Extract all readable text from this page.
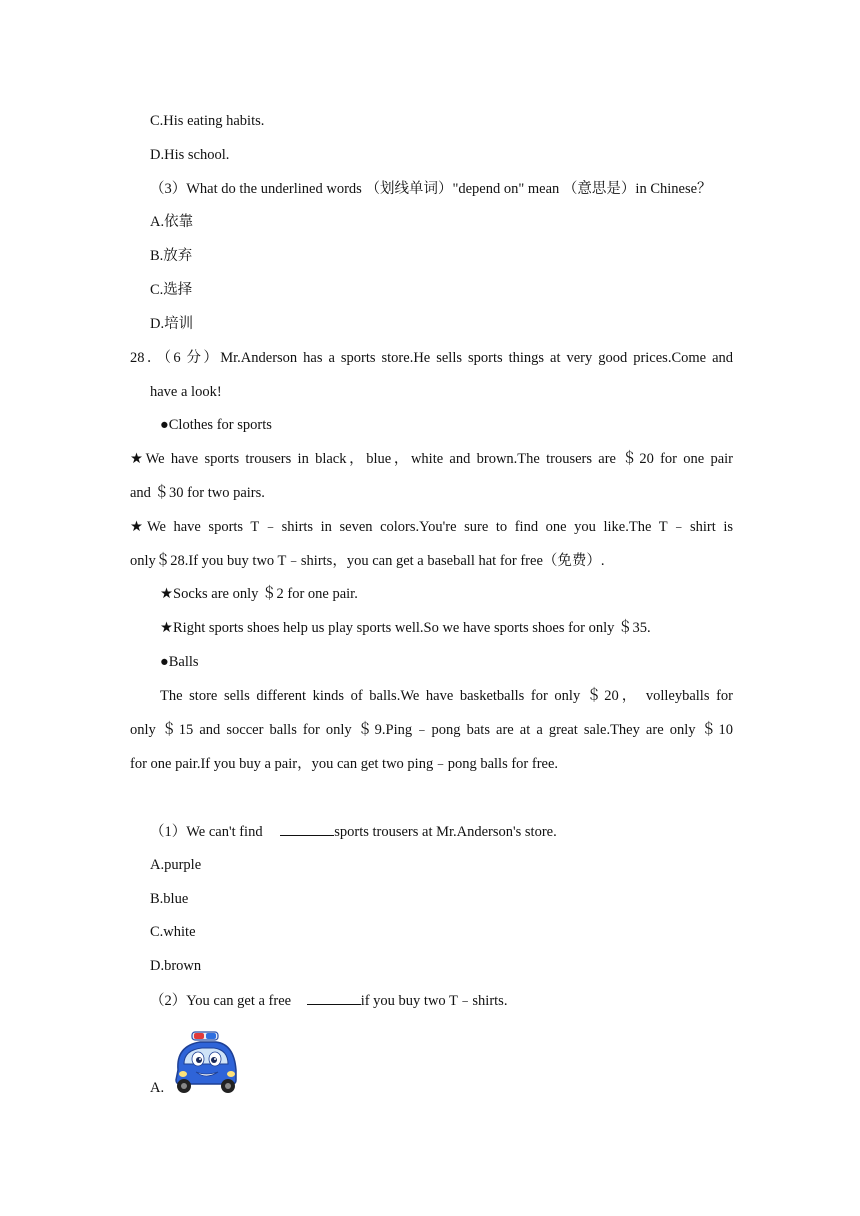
C.His eating habits.
D.His school.
（3）What do the underlined words （划线单词）"depend on" mean （意思是）in Chinese？
A.依靠
B.放弃
C.选择
D.培训
28．（6 分）Mr.Anderson has a sports store.He sells sports things at very good prices.Come and
have a look!
●Clothes for sports
★We have sports trousers in black，blue，white and brown.The trousers are ＄20 for one pair
and ＄30 for two pairs.
★We have sports T﹣shirts in seven colors.You're sure to find one you like.The T﹣shirt is
only＄28.If you buy two T﹣shirts，you can get a baseball hat for free（免费）.
★Socks are only ＄2 for one pair.
★Right sports shoes help us play sports well.So we have sports shoes for only ＄35.
●Balls
The store sells different kinds of balls.We have basketballs for only ＄20， volleyballs for
only ＄15 and soccer balls for only ＄9.Ping﹣pong bats are at a great sale.They are only ＄10
for one pair.If you buy a pair，you can get two ping﹣pong balls for free.
（1）We can't find	sports trousers at Mr.Anderson's store.
A.purple
B.blue
C.white
D.brown
（2）You can get a free	if you buy two T﹣shirts.
A.
